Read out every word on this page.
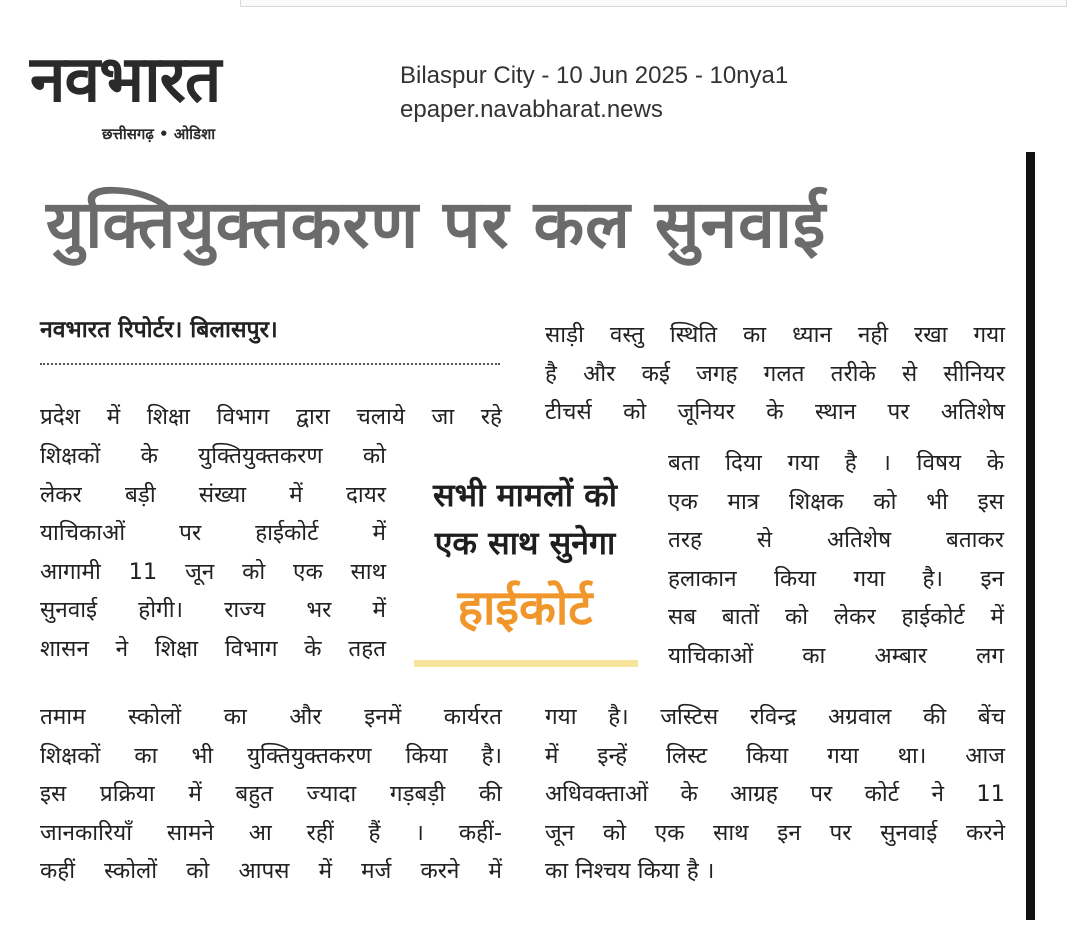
नवभारत
छत्तीसगढ़ • ओडिशा
Bilaspur City - 10 Jun 2025 - 10nya1
epaper.navabharat.news
युक्तियुक्तकरण पर कल सुनवाई
नवभारत रिपोर्टर। बिलासपुर।
प्रदेश में शिक्षा विभाग द्वारा चलाये जा रहे
शिक्षकों के युक्तियुक्तकरण को
लेकर बड़ी संख्या में दायर
याचिकाओं पर हाईकोर्ट में
आगामी 11 जून को एक साथ
सुनवाई होगी। राज्य भर में
शासन ने शिक्षा विभाग के तहत
तमाम स्कोलों का और इनमें कार्यरत
शिक्षकों का भी युक्तियुक्तकरण किया है।
इस प्रक्रिया में बहुत ज्यादा गड़बड़ी की
जानकारियाँ सामने आ रहीं हैं । कहीं-
कहीं स्कोलों को आपस में मर्ज करने में
सभी मामलों को
एक साथ सुनेगा
हाईकोर्ट
साड़ी वस्तु स्थिति का ध्यान नही रखा गया
है और कई जगह गलत तरीके से सीनियर
टीचर्स को जूनियर के स्थान पर अतिशेष
बता दिया गया है । विषय के
एक मात्र शिक्षक को भी इस
तरह से अतिशेष बताकर
हलाकान किया गया है। इन
सब बातों को लेकर हाईकोर्ट में
याचिकाओं का अम्बार लग
गया है। जस्टिस रविन्द्र अग्रवाल की बेंच
में इन्हें लिस्ट किया गया था। आज
अधिवक्ताओं के आग्रह पर कोर्ट ने 11
जून को एक साथ इन पर सुनवाई करने
का निश्चय किया है ।
